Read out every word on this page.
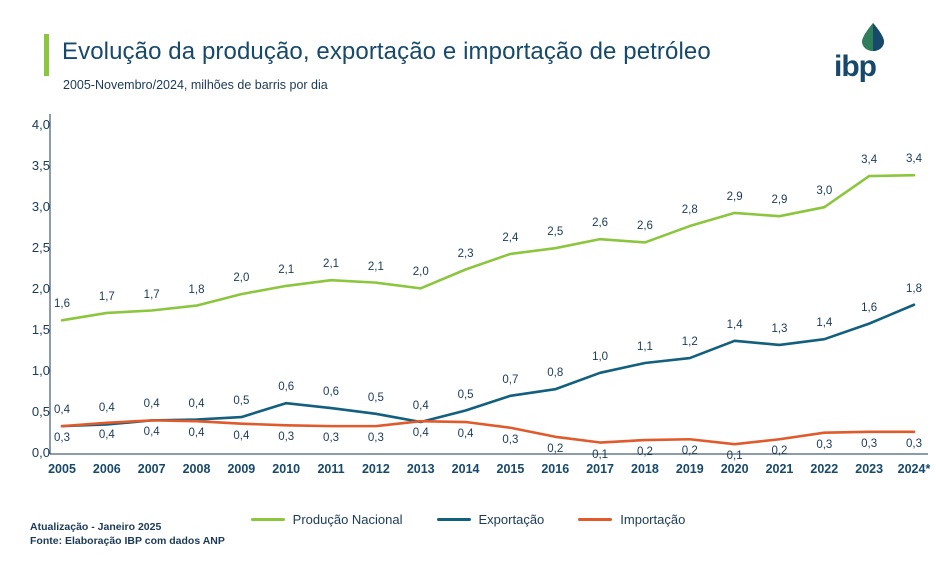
Evolução da produção, exportação e importação de petróleo
2005-Novembro/2024, milhões de barris por dia
ibp
0,0
0,5
1,0
1,5
2,0
2,5
3,0
3,5
4,0
2005	2006	2007	2008	2009	2010	2011	2012	2013	2014	2015	2016	2017	2018	2019	2020	2021	2022	2023	2024*
1,6
1,7	1,7	1,8
2,0
2,1	2,1	2,1	2,0
2,3
2,4	2,5
2,6	2,6
2,8
2,9	2,9
3,0
3,4	3,4
0,4	0,4	0,4	0,4	0,5
0,6	0,6	0,5
0,4
0,5
0,7
0,8
1,0
1,1	1,2
1,4	1,3	1,4
1,6
1,8
0,3	0,4	0,4	0,4	0,4	0,3	0,3	0,3	0,4	0,4	0,3
0,2	0,1	0,2	0,2	0,1	0,2
0,3	0,3	0,3
Produção Nacional	Exportação	Importação
Atualização - Janeiro 2025
Fonte: Elaboração IBP com dados ANP
